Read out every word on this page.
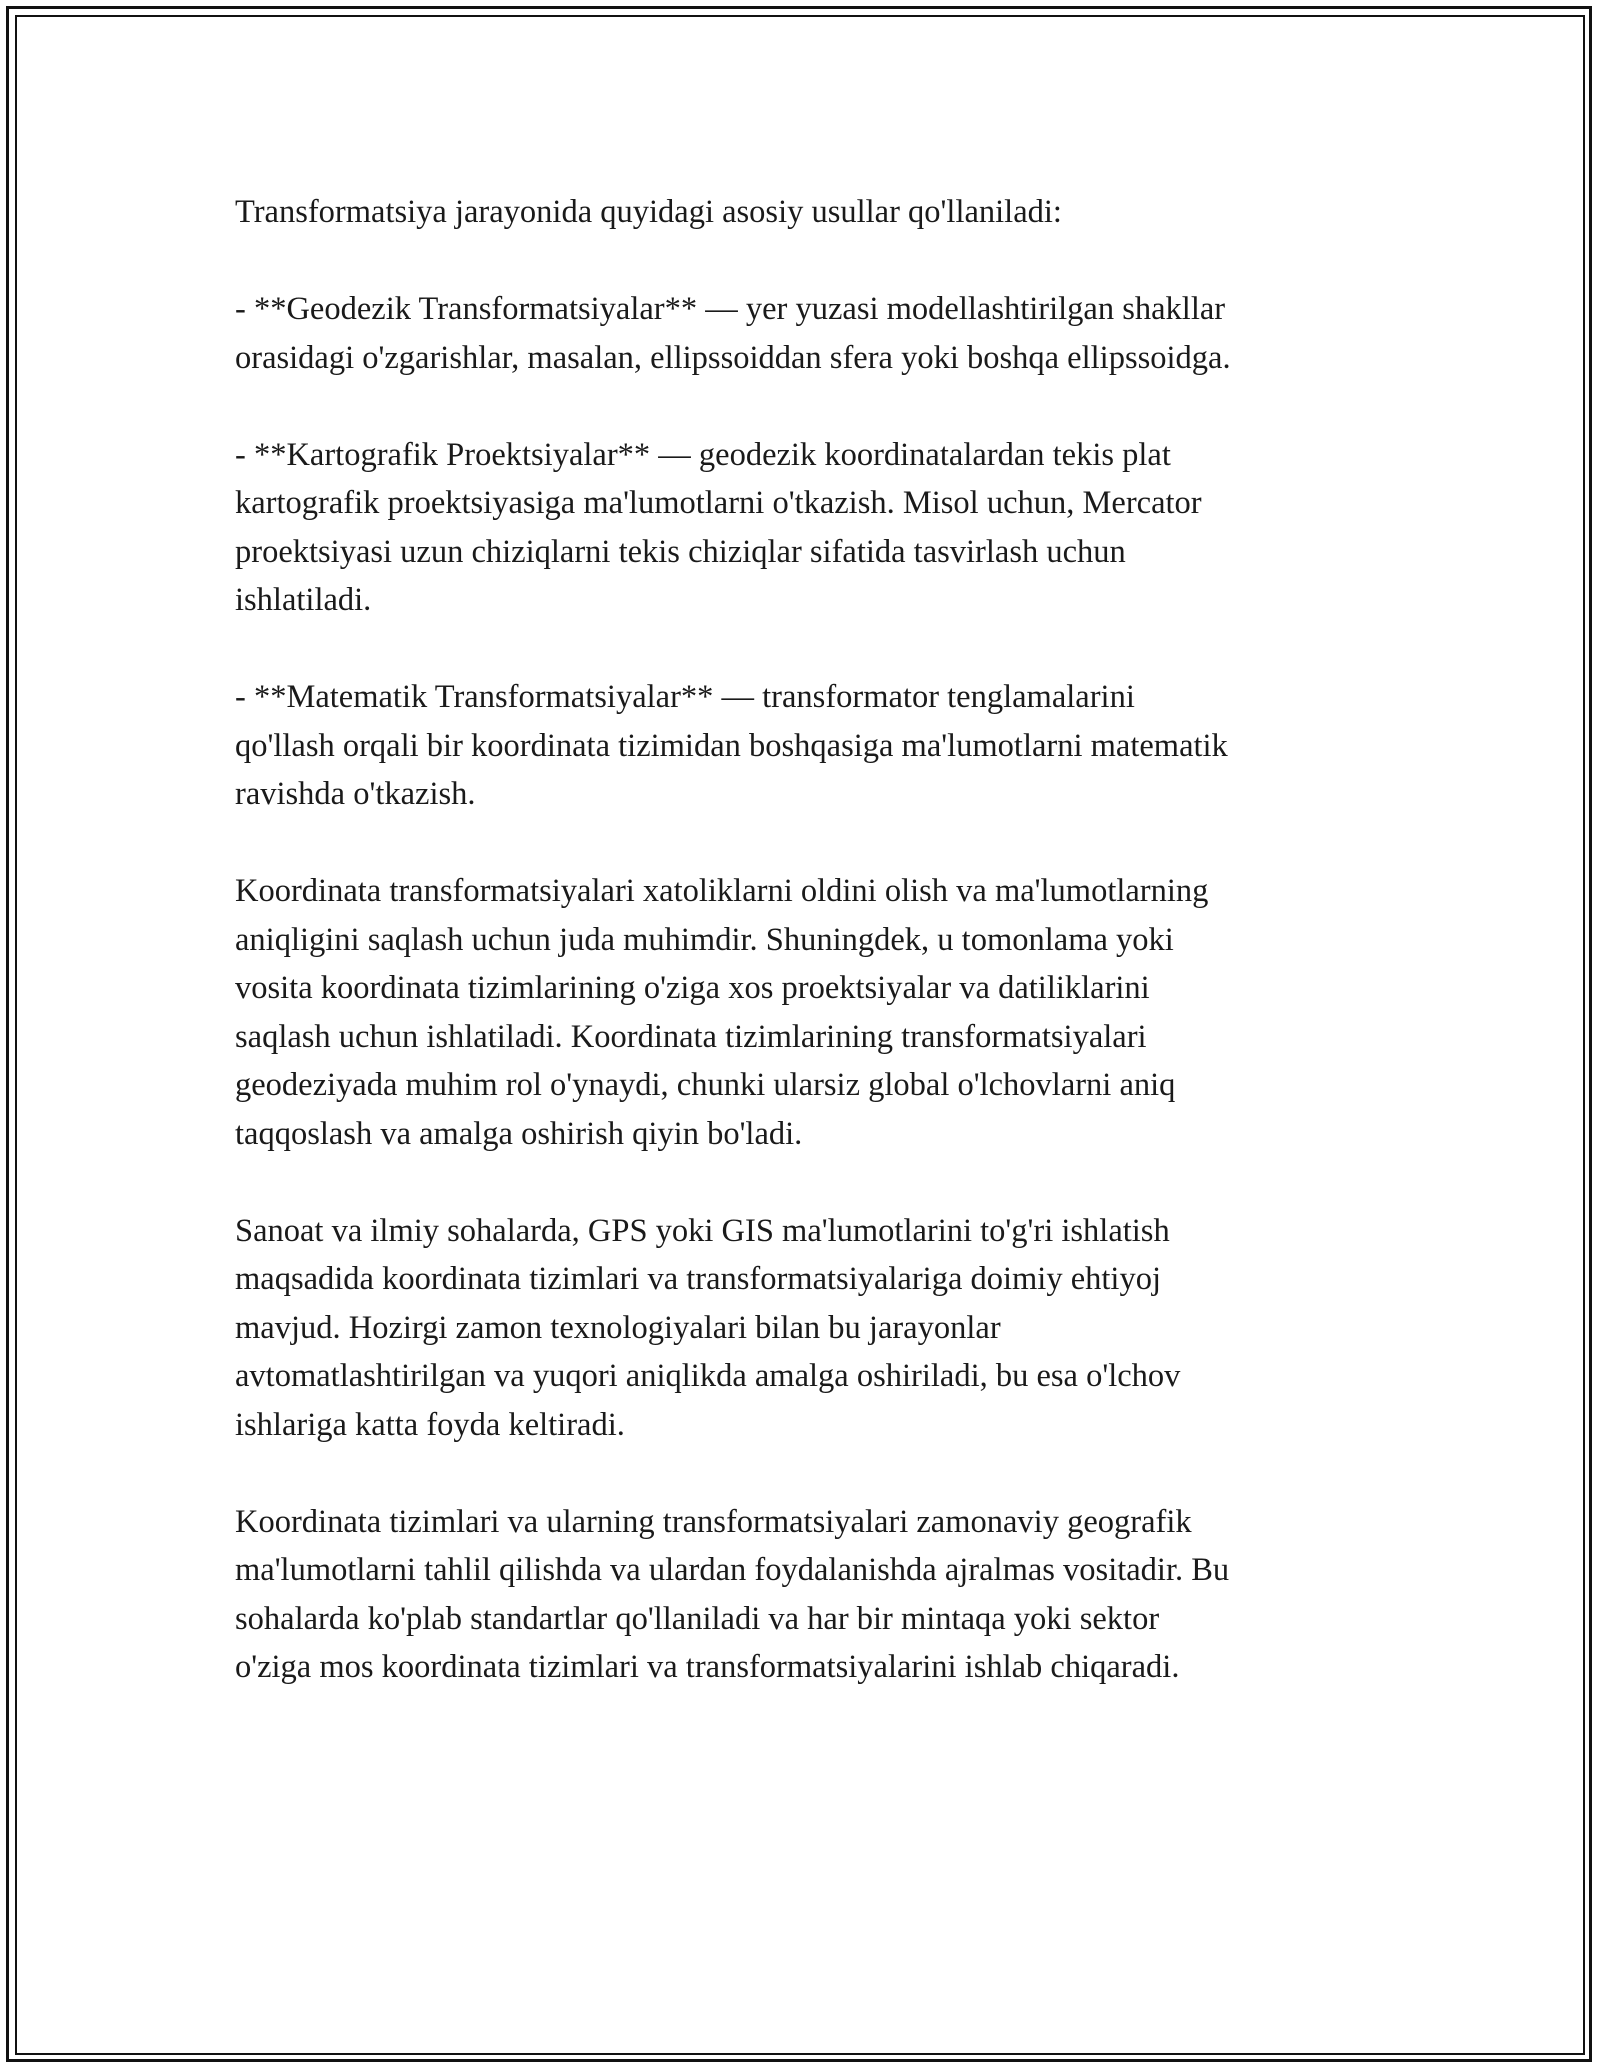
Transformatsiya jarayonida quyidagi asosiy usullar qo'llaniladi:

- **Geodezik Transformatsiyalar** — yer yuzasi modellashtirilgan shakllar
orasidagi o'zgarishlar, masalan, ellipssoiddan sfera yoki boshqa ellipssoidga.

- **Kartografik Proektsiyalar** — geodezik koordinatalardan tekis plat
kartografik proektsiyasiga ma'lumotlarni o'tkazish. Misol uchun, Mercator
proektsiyasi uzun chiziqlarni tekis chiziqlar sifatida tasvirlash uchun
ishlatiladi.

- **Matematik Transformatsiyalar** — transformator tenglamalarini
qo'llash orqali bir koordinata tizimidan boshqasiga ma'lumotlarni matematik
ravishda o'tkazish.

Koordinata transformatsiyalari xatoliklarni oldini olish va ma'lumotlarning
aniqligini saqlash uchun juda muhimdir. Shuningdek, u tomonlama yoki
vosita koordinata tizimlarining o'ziga xos proektsiyalar va datiliklarini
saqlash uchun ishlatiladi. Koordinata tizimlarining transformatsiyalari
geodeziyada muhim rol o'ynaydi, chunki ularsiz global o'lchovlarni aniq
taqqoslash va amalga oshirish qiyin bo'ladi.

Sanoat va ilmiy sohalarda, GPS yoki GIS ma'lumotlarini to'g'ri ishlatish
maqsadida koordinata tizimlari va transformatsiyalariga doimiy ehtiyoj
mavjud. Hozirgi zamon texnologiyalari bilan bu jarayonlar
avtomatlashtirilgan va yuqori aniqlikda amalga oshiriladi, bu esa o'lchov
ishlariga katta foyda keltiradi.

Koordinata tizimlari va ularning transformatsiyalari zamonaviy geografik
ma'lumotlarni tahlil qilishda va ulardan foydalanishda ajralmas vositadir. Bu
sohalarda ko'plab standartlar qo'llaniladi va har bir mintaqa yoki sektor
o'ziga mos koordinata tizimlari va transformatsiyalarini ishlab chiqaradi.
